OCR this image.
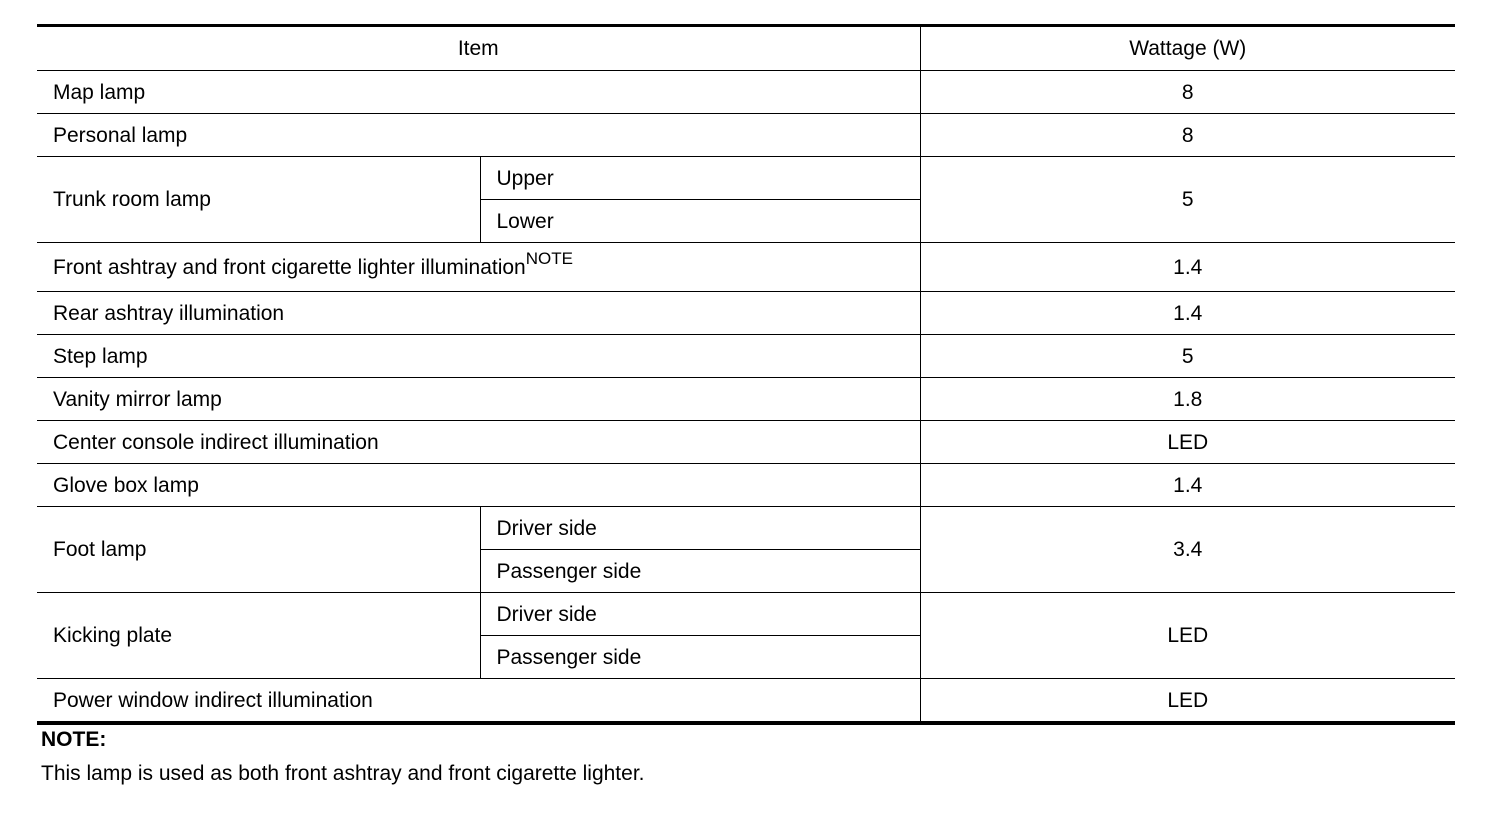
Item		Wattage (W)
Map lamp		8
Personal lamp		8
Trunk room lamp	Upper	5
	Lower	
Front ashtray and front cigarette lighter illumination$^{NOTE}$		1.4
Rear ashtray illumination		1.4
Step lamp		5
Vanity mirror lamp		1.8
Center console indirect illumination		LED
Glove box lamp		1.4
Foot lamp	Driver side	3.4
	Passenger side	
Kicking plate	Driver side	LED
	Passenger side	
Power window indirect illumination		LED

NOTE:

This lamp is used as both front ashtray and front cigarette lighter.
